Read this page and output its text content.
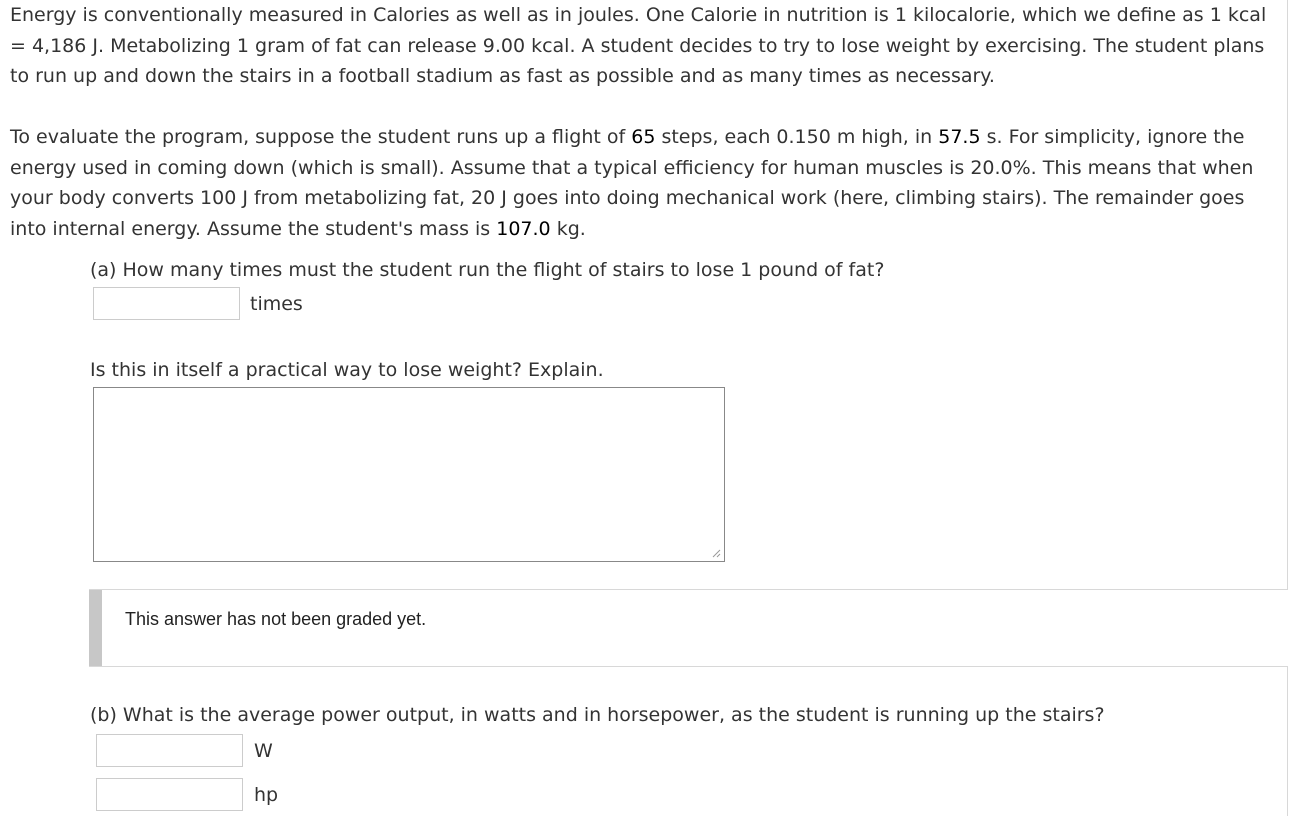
Energy is conventionally measured in Calories as well as in joules. One Calorie in nutrition is 1 kilocalorie, which we define as 1 kcal = 4,186 J. Metabolizing 1 gram of fat can release 9.00 kcal. A student decides to try to lose weight by exercising. The student plans to run up and down the stairs in a football stadium as fast as possible and as many times as necessary.

To evaluate the program, suppose the student runs up a flight of 65 steps, each 0.150 m high, in 57.5 s. For simplicity, ignore the energy used in coming down (which is small). Assume that a typical efficiency for human muscles is 20.0%. This means that when your body converts 100 J from metabolizing fat, 20 J goes into doing mechanical work (here, climbing stairs). The remainder goes into internal energy. Assume the student's mass is 107.0 kg.

(a) How many times must the student run the flight of stairs to lose 1 pound of fat?

times

Is this in itself a practical way to lose weight? Explain.

This answer has not been graded yet.

(b) What is the average power output, in watts and in horsepower, as the student is running up the stairs?

W
hp
